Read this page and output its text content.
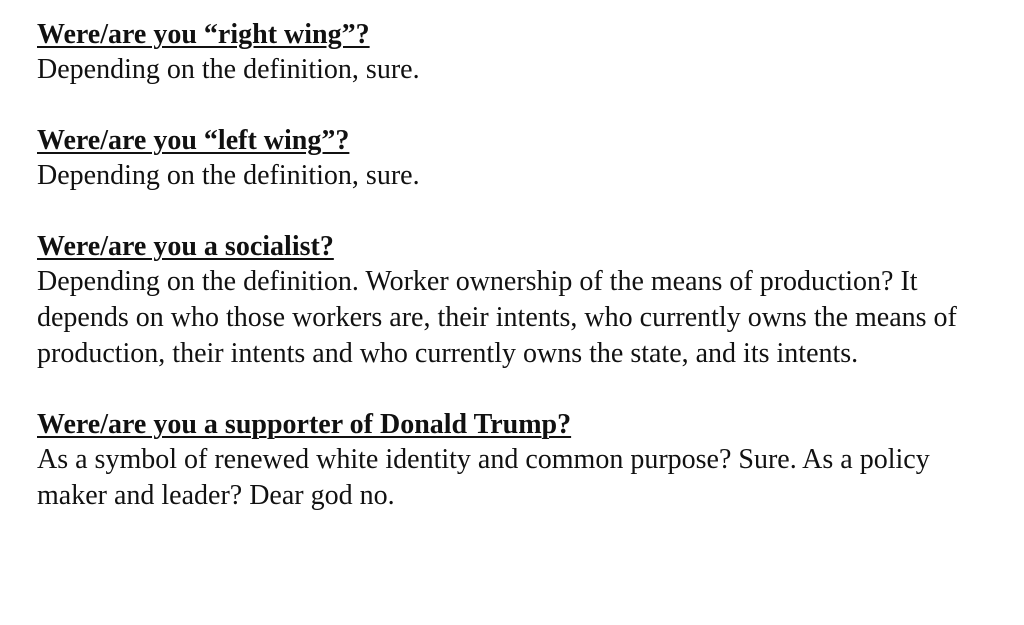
Were/are you “right wing”?

Depending on the definition, sure.

Were/are you “left wing”?

Depending on the definition, sure.

Were/are you a socialist?

Depending on the definition. Worker ownership of the means of production? It depends on who those workers are, their intents, who currently owns the means of production, their intents and who currently owns the state, and its intents.

Were/are you a supporter of Donald Trump?

As a symbol of renewed white identity and common purpose? Sure. As a policy maker and leader? Dear god no.
